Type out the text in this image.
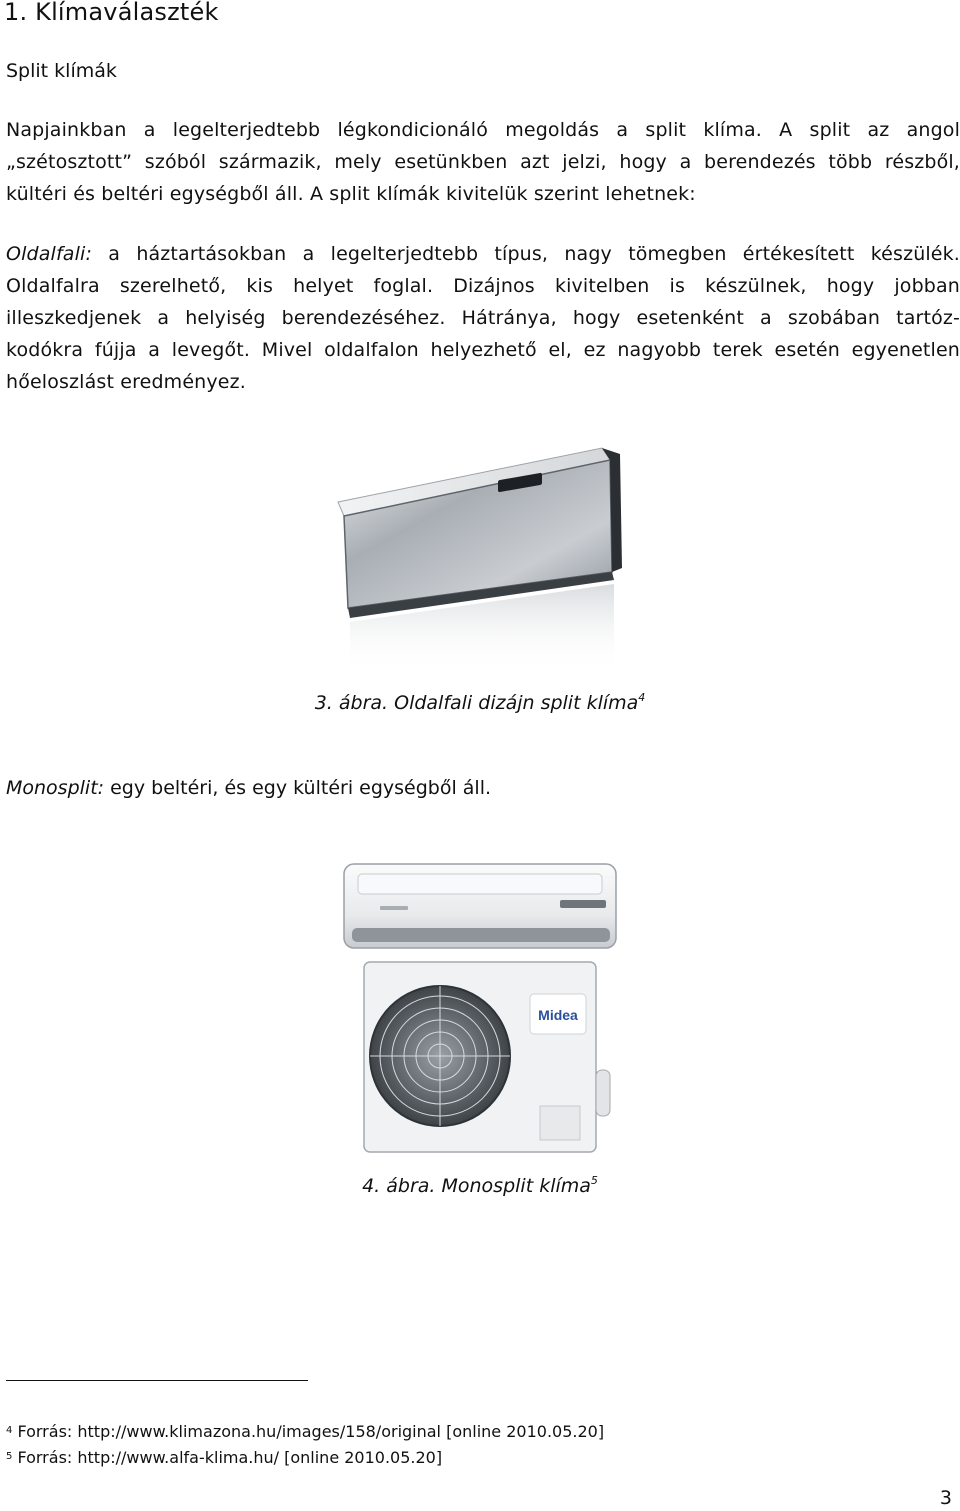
1. Klímaválaszték
Split klímák
Napjainkban a legelterjedtebb légkondicionáló megoldás a split klíma. A split az angol
„szétosztott” szóból származik, mely esetünkben azt jelzi, hogy a berendezés több részből,
kültéri és beltéri egységből áll. A split klímák kivitelük szerint lehetnek:
Oldalfali: a háztartásokban a legelterjedtebb típus, nagy tömegben értékesített készülék.
Oldalfalra szerelhető, kis helyet foglal. Dizájnos kivitelben is készülnek, hogy jobban
illeszkedjenek a helyiség berendezéséhez. Hátránya, hogy esetenként a szobában tartóz-
kodókra fújja a levegőt. Mivel oldalfalon helyezhető el, ez nagyobb terek esetén egyenetlen
hőeloszlást eredményez.
3. ábra. Oldalfali dizájn split klíma$^4$
Monosplit: egy beltéri, és egy kültéri egységből áll.
Midea
4. ábra. Monosplit klíma$^5$
$^4$ Forrás: http://www.klimazona.hu/images/158/original [online 2010.05.20]
$^5$ Forrás: http://www.alfa-klima.hu/ [online 2010.05.20]
3
